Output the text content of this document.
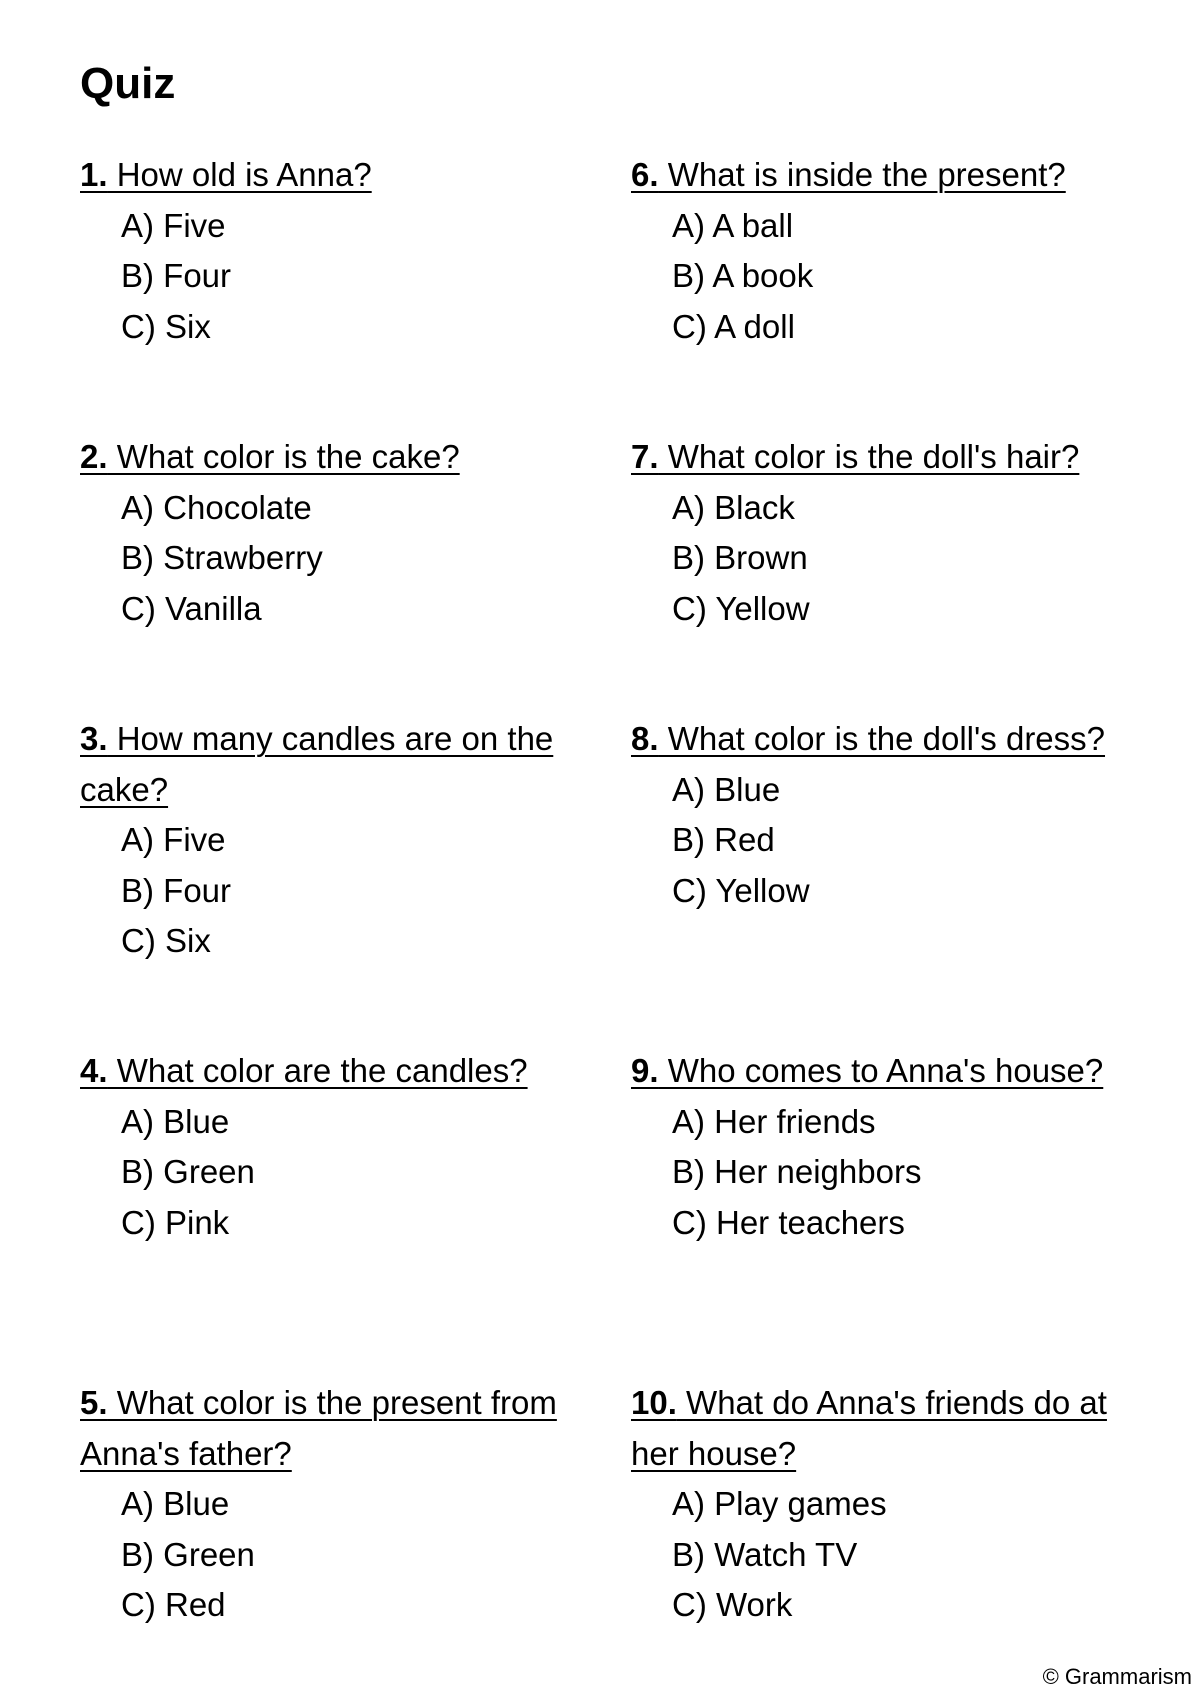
Quiz

1. How old is Anna?

A) Five
B) Four
C) Six

2. What color is the cake?

A) Chocolate
B) Strawberry
C) Vanilla

3. How many candles are on the cake?

A) Five
B) Four
C) Six

4. What color are the candles?

A) Blue
B) Green
C) Pink

5. What color is the present from Anna's father?

A) Blue
B) Green
C) Red

6. What is inside the present?

A) A ball
B) A book
C) A doll

7. What color is the doll's hair?

A) Black
B) Brown
C) Yellow

8. What color is the doll's dress?

A) Blue
B) Red
C) Yellow

9. Who comes to Anna's house?

A) Her friends
B) Her neighbors
C) Her teachers

10. What do Anna's friends do at her house?

A) Play games
B) Watch TV
C) Work
© Grammarism
